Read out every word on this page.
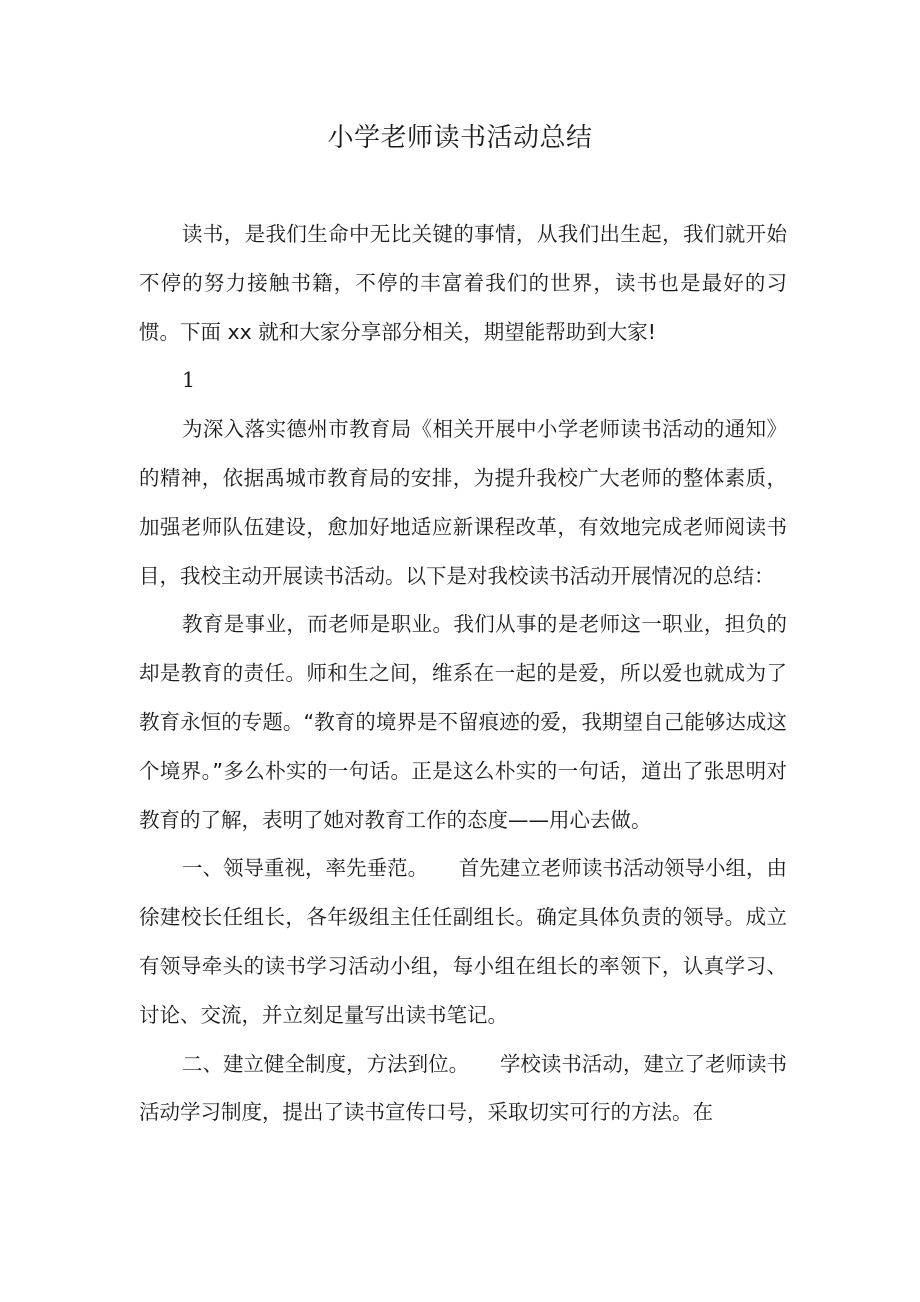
小学老师读书活动总结

读书，是我们生命中无比关键的事情，从我们出生起，我们就开始不停的努力接触书籍，不停的丰富着我们的世界，读书也是最好的习惯。下面 xx 就和大家分享部分相关，期望能帮助到大家!

1

为深入落实德州市教育局《相关开展中小学老师读书活动的通知》的精神，依据禹城市教育局的安排，为提升我校广大老师的整体素质，加强老师队伍建设，愈加好地适应新课程改革，有效地完成老师阅读书目，我校主动开展读书活动。以下是对我校读书活动开展情况的总结：

教育是事业，而老师是职业。我们从事的是老师这一职业，担负的却是教育的责任。师和生之间，维系在一起的是爱，所以爱也就成为了教育永恒的专题。“教育的境界是不留痕迹的爱，我期望自己能够达成这个境界。”多么朴实的一句话。正是这么朴实的一句话，道出了张思明对教育的了解，表明了她对教育工作的态度——用心去做。

一、领导重视，率先垂范。　　首先建立老师读书活动领导小组，由徐建校长任组长，各年级组主任任副组长。确定具体负责的领导。成立有领导牵头的读书学习活动小组，每小组在组长的率领下，认真学习、讨论、交流，并立刻足量写出读书笔记。

二、建立健全制度，方法到位。　　学校读书活动，建立了老师读书活动学习制度，提出了读书宣传口号，采取切实可行的方法。在
